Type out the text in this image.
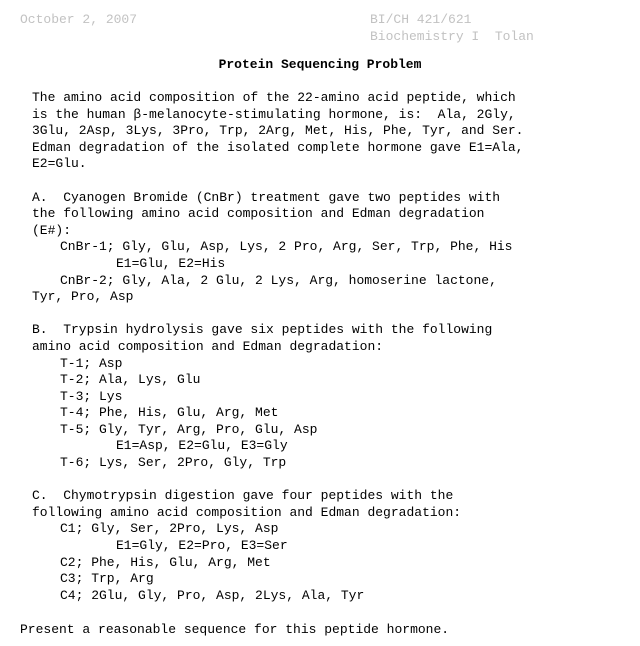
October 2, 2007	BI/CH 421/621
Biochemistry I  Tolan
Protein Sequencing Problem
The amino acid composition of the 22-amino acid peptide, which
is the human β-melanocyte-stimulating hormone, is:  Ala, 2Gly,
3Glu, 2Asp, 3Lys, 3Pro, Trp, 2Arg, Met, His, Phe, Tyr, and Ser.
Edman degradation of the isolated complete hormone gave E1=Ala,
E2=Glu.
A.  Cyanogen Bromide (CnBr) treatment gave two peptides with
the following amino acid composition and Edman degradation
(E#):
CnBr-1; Gly, Glu, Asp, Lys, 2 Pro, Arg, Ser, Trp, Phe, His
E1=Glu, E2=His
CnBr-2; Gly, Ala, 2 Glu, 2 Lys, Arg, homoserine lactone,
Tyr, Pro, Asp
B.  Trypsin hydrolysis gave six peptides with the following
amino acid composition and Edman degradation:
T-1; Asp
T-2; Ala, Lys, Glu
T-3; Lys
T-4; Phe, His, Glu, Arg, Met
T-5; Gly, Tyr, Arg, Pro, Glu, Asp
E1=Asp, E2=Glu, E3=Gly
T-6; Lys, Ser, 2Pro, Gly, Trp
C.  Chymotrypsin digestion gave four peptides with the
following amino acid composition and Edman degradation:
C1; Gly, Ser, 2Pro, Lys, Asp
E1=Gly, E2=Pro, E3=Ser
C2; Phe, His, Glu, Arg, Met
C3; Trp, Arg
C4; 2Glu, Gly, Pro, Asp, 2Lys, Ala, Tyr
Present a reasonable sequence for this peptide hormone.
